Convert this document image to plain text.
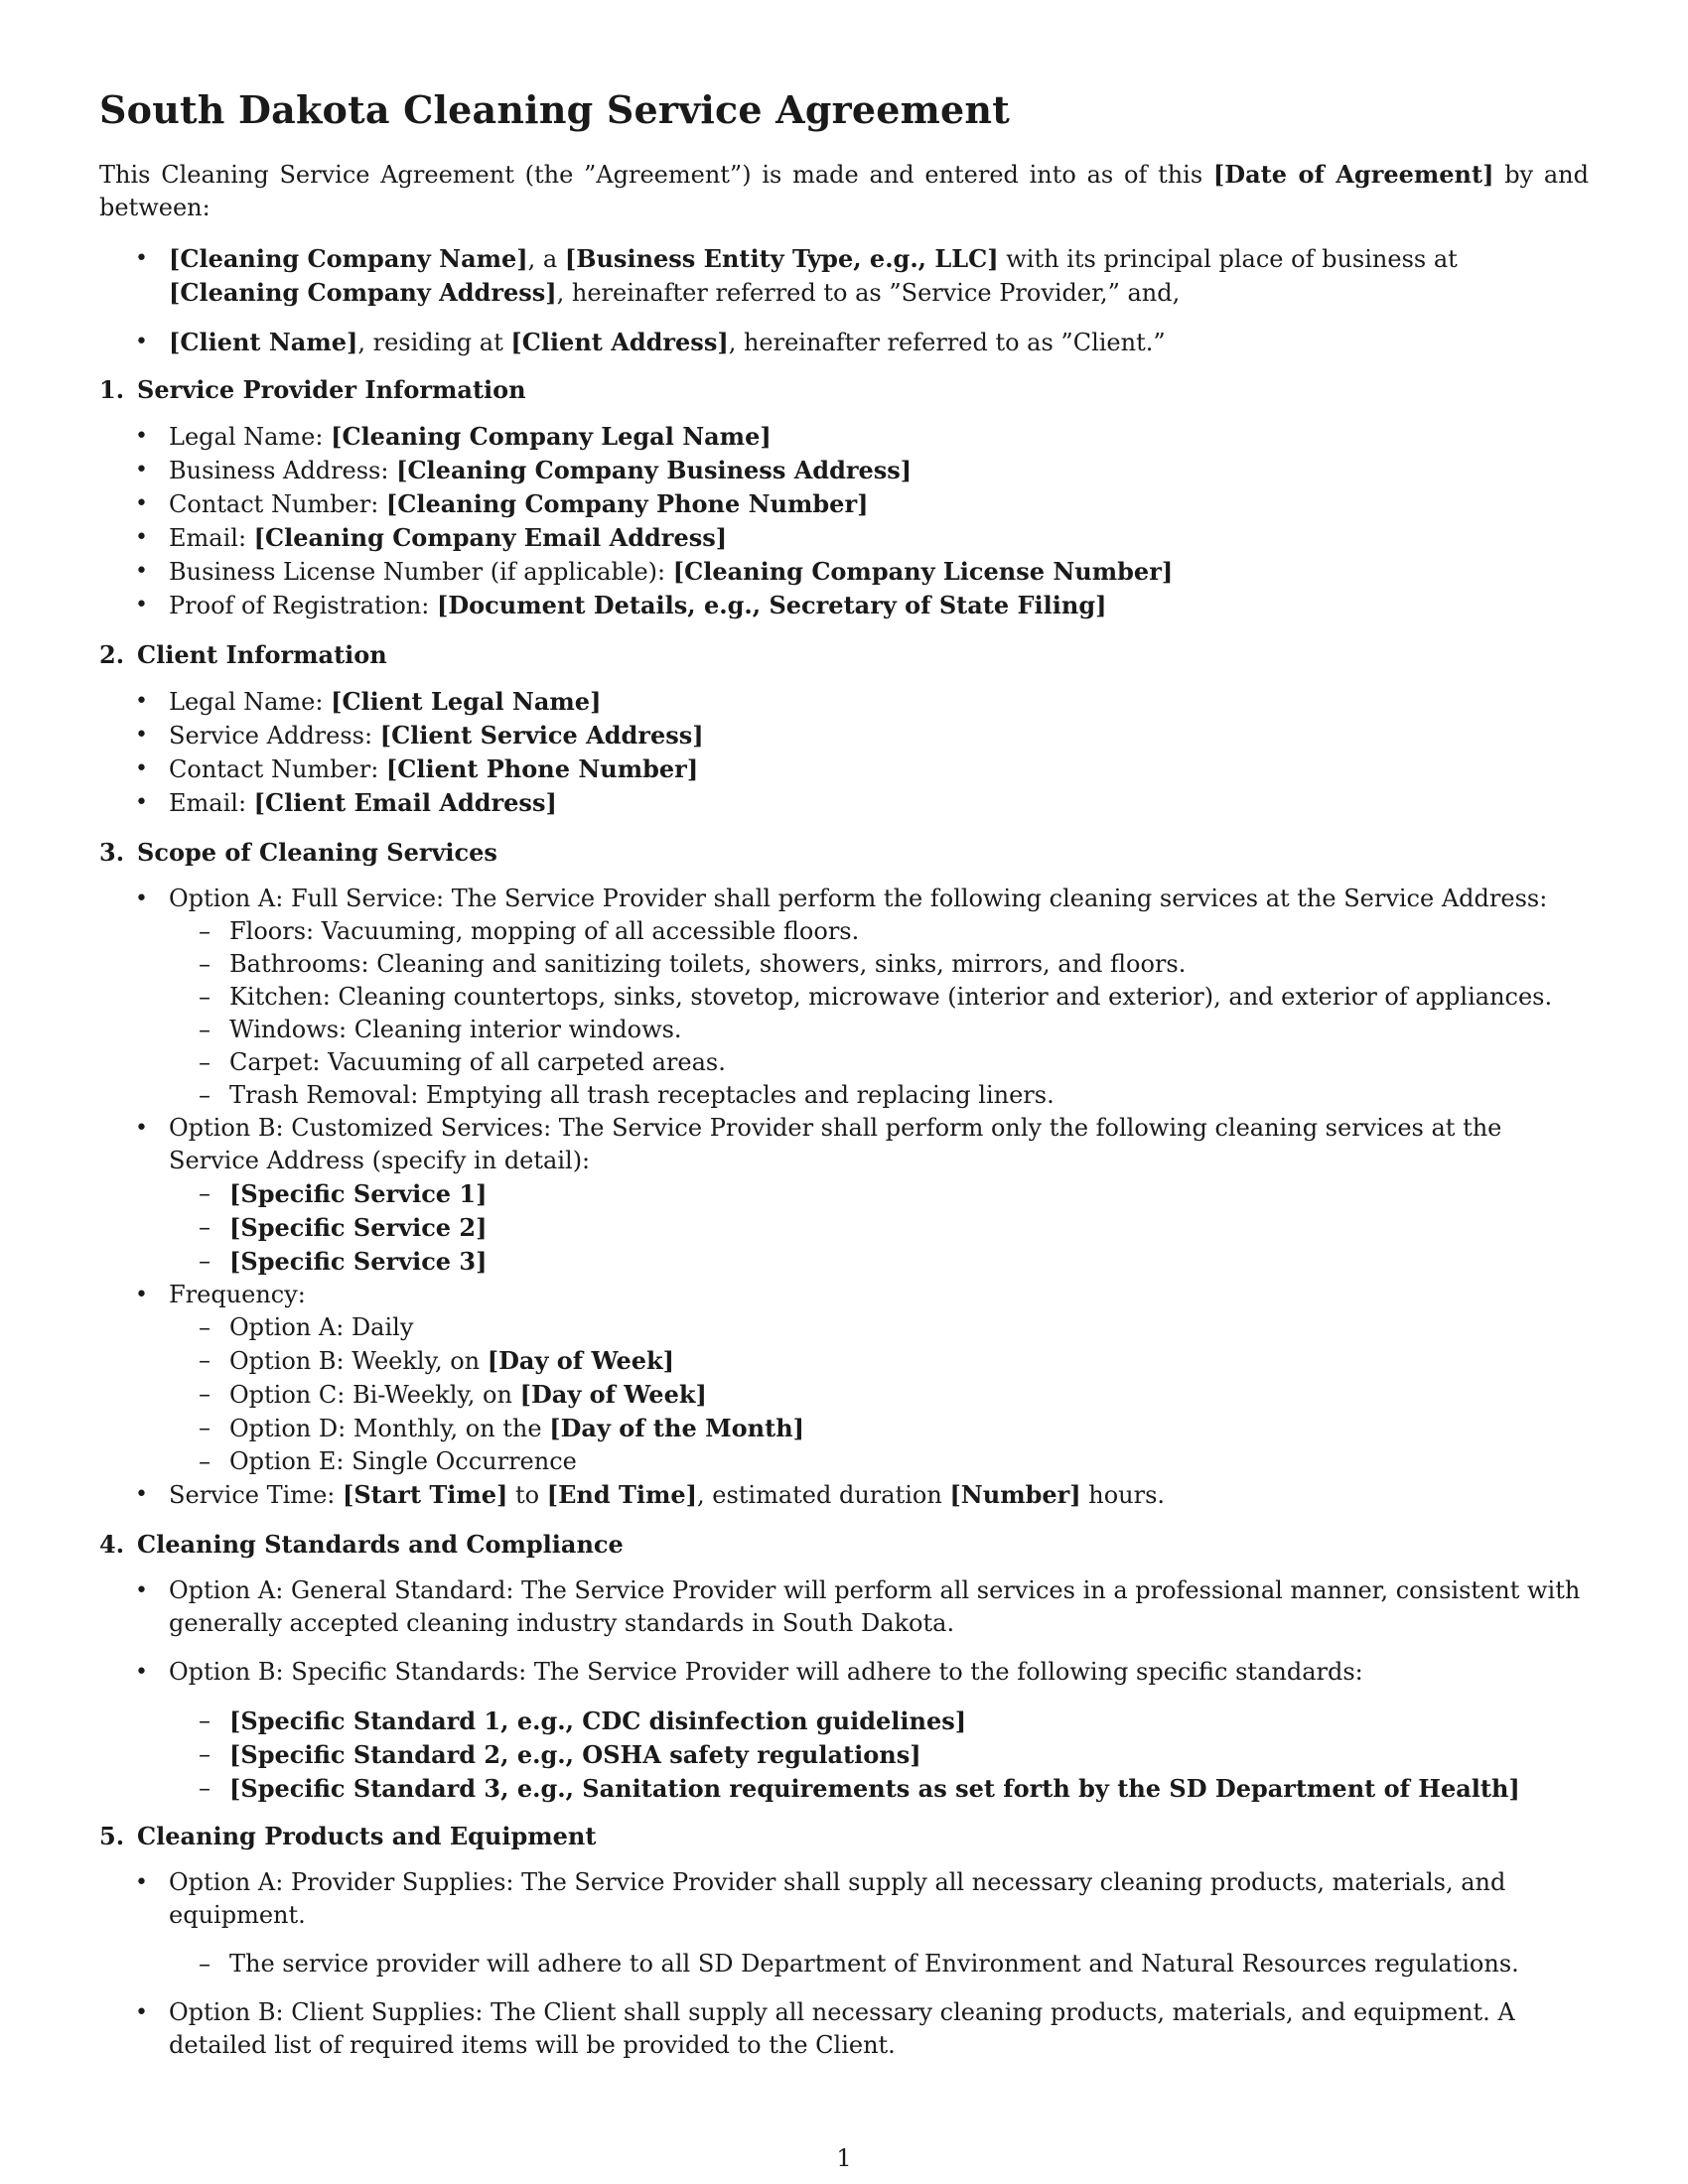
South Dakota Cleaning Service Agreement

This Cleaning Service Agreement (the ”Agreement”) is made and entered into as of this [Date of Agreement] by and between:

• [Cleaning Company Name], a [Business Entity Type, e.g., LLC] with its principal place of business at [Cleaning Company Address], hereinafter referred to as ”Service Provider,” and,
• [Client Name], residing at [Client Address], hereinafter referred to as ”Client.”
1. Service Provider Information
• Legal Name: [Cleaning Company Legal Name]
• Business Address: [Cleaning Company Business Address]
• Contact Number: [Cleaning Company Phone Number]
• Email: [Cleaning Company Email Address]
• Business License Number (if applicable): [Cleaning Company License Number]
• Proof of Registration: [Document Details, e.g., Secretary of State Filing]
2. Client Information
• Legal Name: [Client Legal Name]
• Service Address: [Client Service Address]
• Contact Number: [Client Phone Number]
• Email: [Client Email Address]
3. Scope of Cleaning Services
• Option A: Full Service: The Service Provider shall perform the following cleaning services at the Service Address:
– Floors: Vacuuming, mopping of all accessible floors.
– Bathrooms: Cleaning and sanitizing toilets, showers, sinks, mirrors, and floors.
– Kitchen: Cleaning countertops, sinks, stovetop, microwave (interior and exterior), and exterior of appliances.
– Windows: Cleaning interior windows.
– Carpet: Vacuuming of all carpeted areas.
– Trash Removal: Emptying all trash receptacles and replacing liners.
• Option B: Customized Services: The Service Provider shall perform only the following cleaning services at the Service Address (specify in detail):
– [Specific Service 1]
– [Specific Service 2]
– [Specific Service 3]
• Frequency:
– Option A: Daily
– Option B: Weekly, on [Day of Week]
– Option C: Bi-Weekly, on [Day of Week]
– Option D: Monthly, on the [Day of the Month]
– Option E: Single Occurrence
• Service Time: [Start Time] to [End Time], estimated duration [Number] hours.
4. Cleaning Standards and Compliance
• Option A: General Standard: The Service Provider will perform all services in a professional manner, consistent with generally accepted cleaning industry standards in South Dakota.
• Option B: Specific Standards: The Service Provider will adhere to the following specific standards:
– [Specific Standard 1, e.g., CDC disinfection guidelines]
– [Specific Standard 2, e.g., OSHA safety regulations]
– [Specific Standard 3, e.g., Sanitation requirements as set forth by the SD Department of Health]
5. Cleaning Products and Equipment
• Option A: Provider Supplies: The Service Provider shall supply all necessary cleaning products, materials, and equipment.
– The service provider will adhere to all SD Department of Environment and Natural Resources regulations.
• Option B: Client Supplies: The Client shall supply all necessary cleaning products, materials, and equipment. A detailed list of required items will be provided to the Client.
1
